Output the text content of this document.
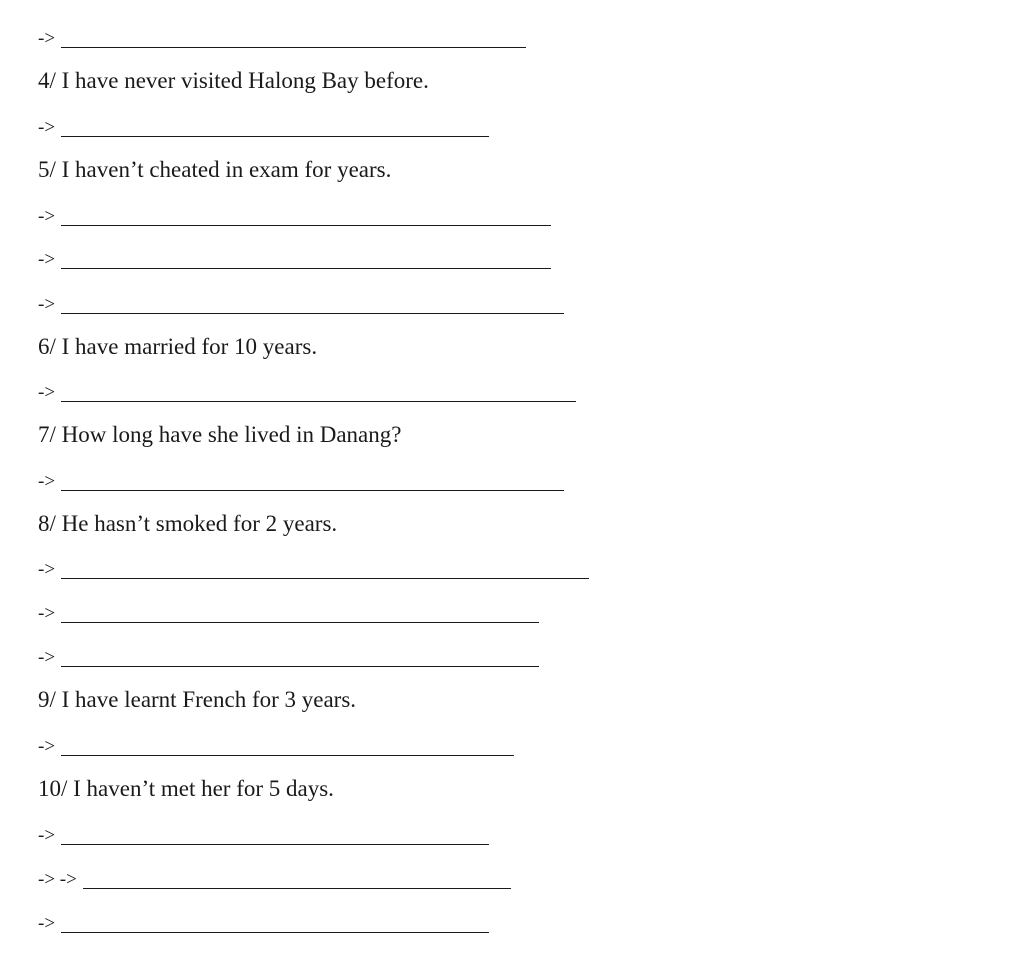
->
4/ I have never visited Halong Bay before.
->
5/ I haven’t cheated in exam for years.
->
->
->
6/ I have married for 10 years.
->
7/ How long have she lived in Danang?
->
8/ He hasn’t smoked for 2 years.
->
->
->
9/ I have learnt French for 3 years.
->
10/ I haven’t met her for 5 days.
->
-> ->
->
